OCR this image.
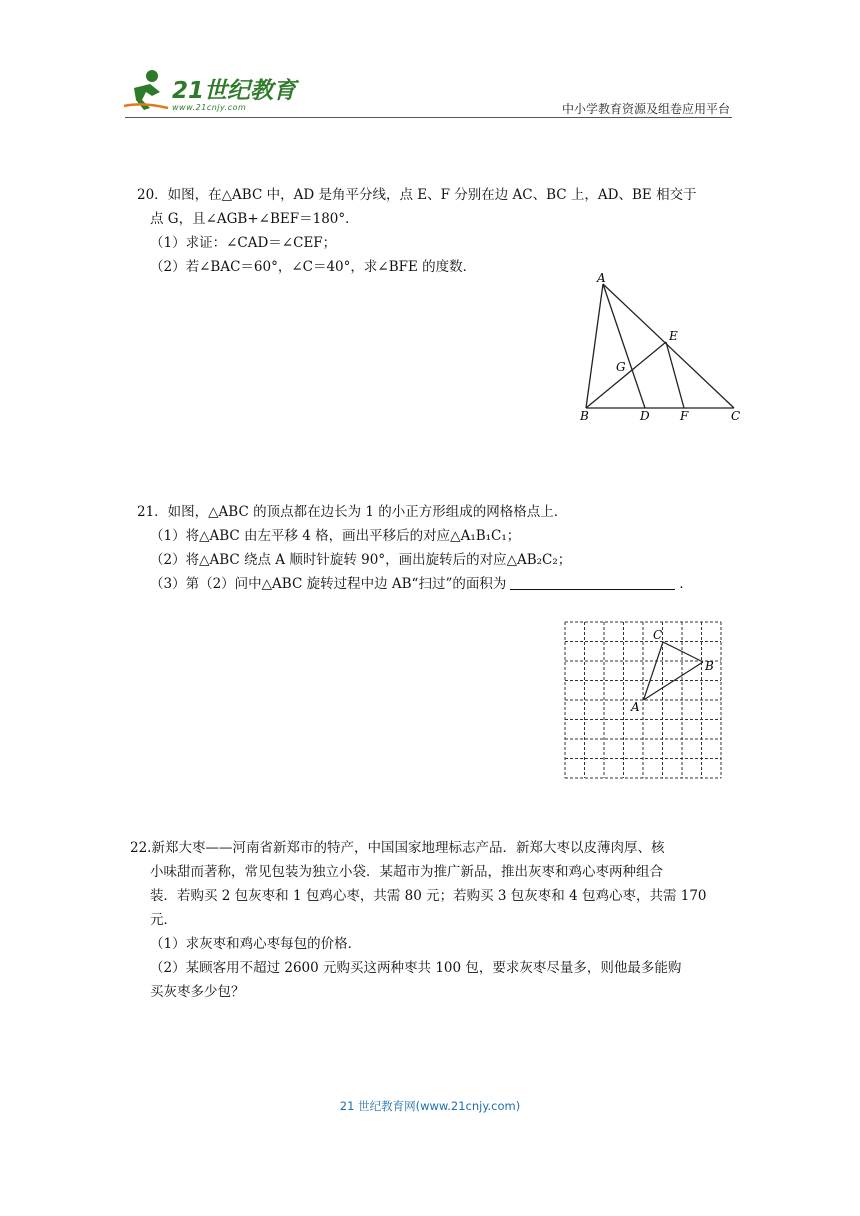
21世纪教育
www.21cnjy.com	中小学教育资源及组卷应用平台
20．如图，在△ABC 中，AD 是角平分线，点 E、F 分别在边 AC、BC 上，AD、BE 相交于
点 G，且∠AGB+∠BEF＝180°．
（1）求证：∠CAD＝∠CEF；
（2）若∠BAC＝60°，∠C＝40°，求∠BFE 的度数．
A
B	C
D
E
F
G
21．如图，△ABC 的顶点都在边长为 1 的小正方形组成的网格格点上．
（1）将△ABC 由左平移 4 格，画出平移后的对应△A₁B₁C₁；
（2）将△ABC 绕点 A 顺时针旋转 90°，画出旋转后的对应△AB₂C₂；
（3）第（2）问中△ABC 旋转过程中边 AB“扫过”的面积为	．
A
B
C
22.新郑大枣——河南省新郑市的特产，中国国家地理标志产品．新郑大枣以皮薄肉厚、核
小味甜而著称，常见包装为独立小袋．某超市为推广新品，推出灰枣和鸡心枣两种组合
装．若购买 2 包灰枣和 1 包鸡心枣，共需 80 元；若购买 3 包灰枣和 4 包鸡心枣，共需 170
元．
（1）求灰枣和鸡心枣每包的价格．
（2）某顾客用不超过 2600 元购买这两种枣共 100 包，要求灰枣尽量多，则他最多能购
买灰枣多少包？
21 世纪教育网(www.21cnjy.com)
